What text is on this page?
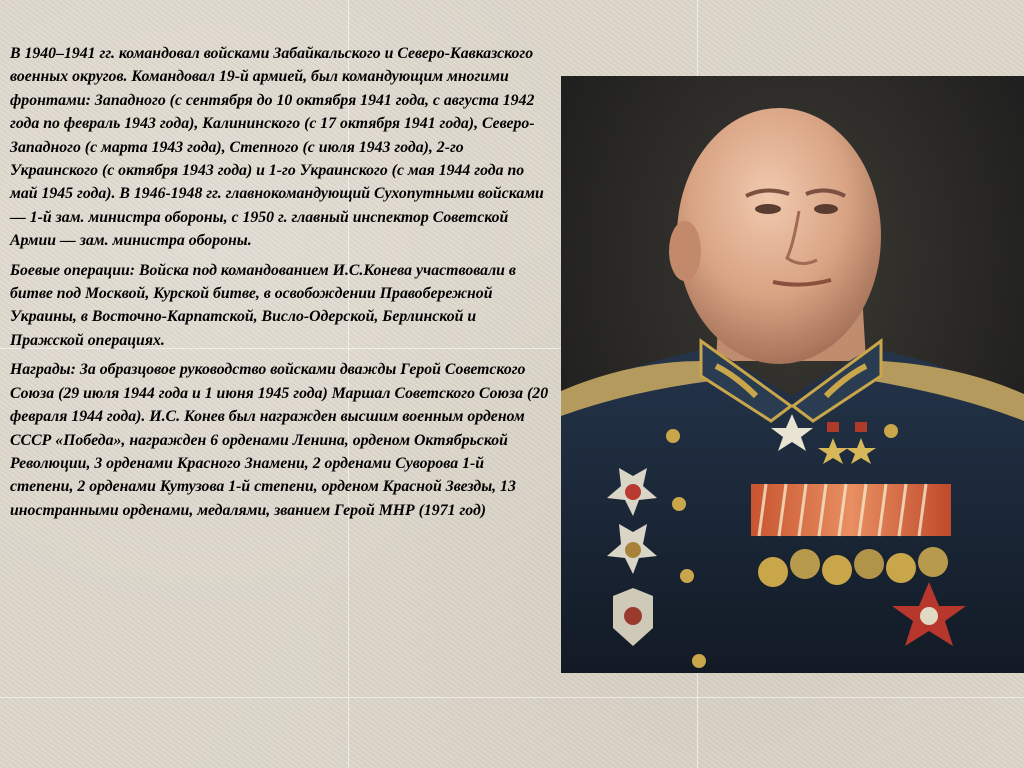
В 1940–1941 гг. командовал войсками Забайкальского и Северо-Кавказского военных округов. Командовал 19-й армией, был командующим многими фронтами: Западного (с сентября до 10 октября 1941 года, с августа 1942 года по февраль 1943 года), Калининского (с 17 октября 1941 года), Северо-Западного (с марта 1943 года), Степного (с июля 1943 года), 2-го Украинского (с октября 1943 года) и 1-го Украинского (с мая 1944 года по май 1945 года). В 1946-1948 гг. главнокомандующий Сухопутными войсками — 1-й зам. министра обороны, с 1950 г. главный инспектор Советской Армии — зам. министра обороны.

Боевые операции: Войска под командованием И.С.Конева участвовали в битве под Москвой, Курской битве, в освобождении Правобережной Украины, в Восточно-Карпатской, Висло-Одерской, Берлинской и Пражской операциях.

Награды: За образцовое руководство войсками дважды Герой Советского Союза (29 июля 1944 года и 1 июня 1945 года) Маршал Советского Союза (20 февраля 1944 года). И.С. Конев был награжден высшим военным орденом СССР «Победа», награжден 6 орденами Ленина, орденом Октябрьской Революции, 3 орденами Красного Знамени, 2 орденами Суворова 1-й степени, 2 орденами Кутузова 1-й степени, орденом Красной Звезды, 13 иностранными орденами, медалями, званием Герой МНР (1971 год)
